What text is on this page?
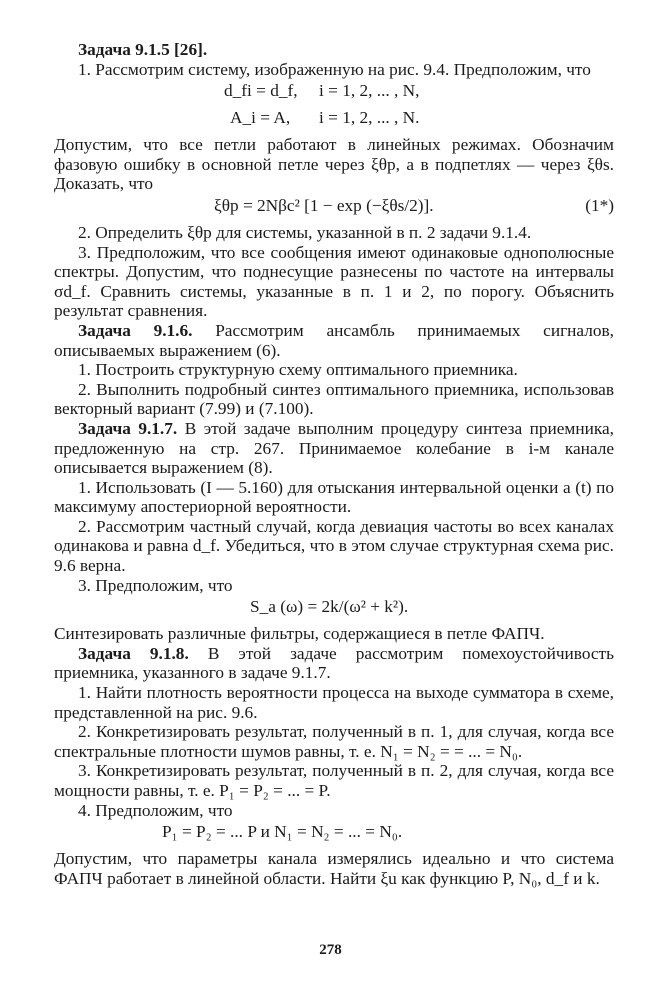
Задача 9.1.5 [26].

1. Рассмотрим систему, изображенную на рис. 9.4. Предположим, что

d_fi = d_f, i = 1, 2, ... , N,
A_i = A, i = 1, 2, ... , N.

Допустим, что все петли работают в линейных режимах. Обозначим фазовую ошибку в основной петле через ξθp, а в подпетлях — через ξθs. Доказать, что

ξθp = 2Nβc² [1 − exp (−ξθs/2)].	(1*)

2. Определить ξθp для системы, указанной в п. 2 задачи 9.1.4.

3. Предположим, что все сообщения имеют одинаковые однополюсные спектры. Допустим, что поднесущие разнесены по частоте на интервалы σd_f. Сравнить системы, указанные в п. 1 и 2, по порогу. Объяснить результат сравнения.

Задача 9.1.6. Рассмотрим ансамбль принимаемых сигналов, описываемых выражением (6).

1. Построить структурную схему оптимального приемника.

2. Выполнить подробный синтез оптимального приемника, использовав векторный вариант (7.99) и (7.100).

Задача 9.1.7. В этой задаче выполним процедуру синтеза приемника, предложенную на стр. 267. Принимаемое колебание в i-м канале описывается выражением (8).

1. Использовать (I — 5.160) для отыскания интервальной оценки a (t) по максимуму апостериорной вероятности.

2. Рассмотрим частный случай, когда девиация частоты во всех каналах одинакова и равна d_f. Убедиться, что в этом случае структурная схема рис. 9.6 верна.

3. Предположим, что

S_a (ω) = 2k/(ω² + k²).

Синтезировать различные фильтры, содержащиеся в петле ФАПЧ.

Задача 9.1.8. В этой задаче рассмотрим помехоустойчивость приемника, указанного в задаче 9.1.7.

1. Найти плотность вероятности процесса на выходе сумматора в схеме, представленной на рис. 9.6.

2. Конкретизировать результат, полученный в п. 1, для случая, когда все спектральные плотности шумов равны, т. е. N₁ = N₂ = = ... = N₀.

3. Конкретизировать результат, полученный в п. 2, для случая, когда все мощности равны, т. е. P₁ = P₂ = ... = P.

4. Предположим, что

P₁ = P₂ = ... P и N₁ = N₂ = ... = N₀.

Допустим, что параметры канала измерялись идеально и что система ФАПЧ работает в линейной области. Найти ξu как функцию P, N₀, d_f и k.

278
